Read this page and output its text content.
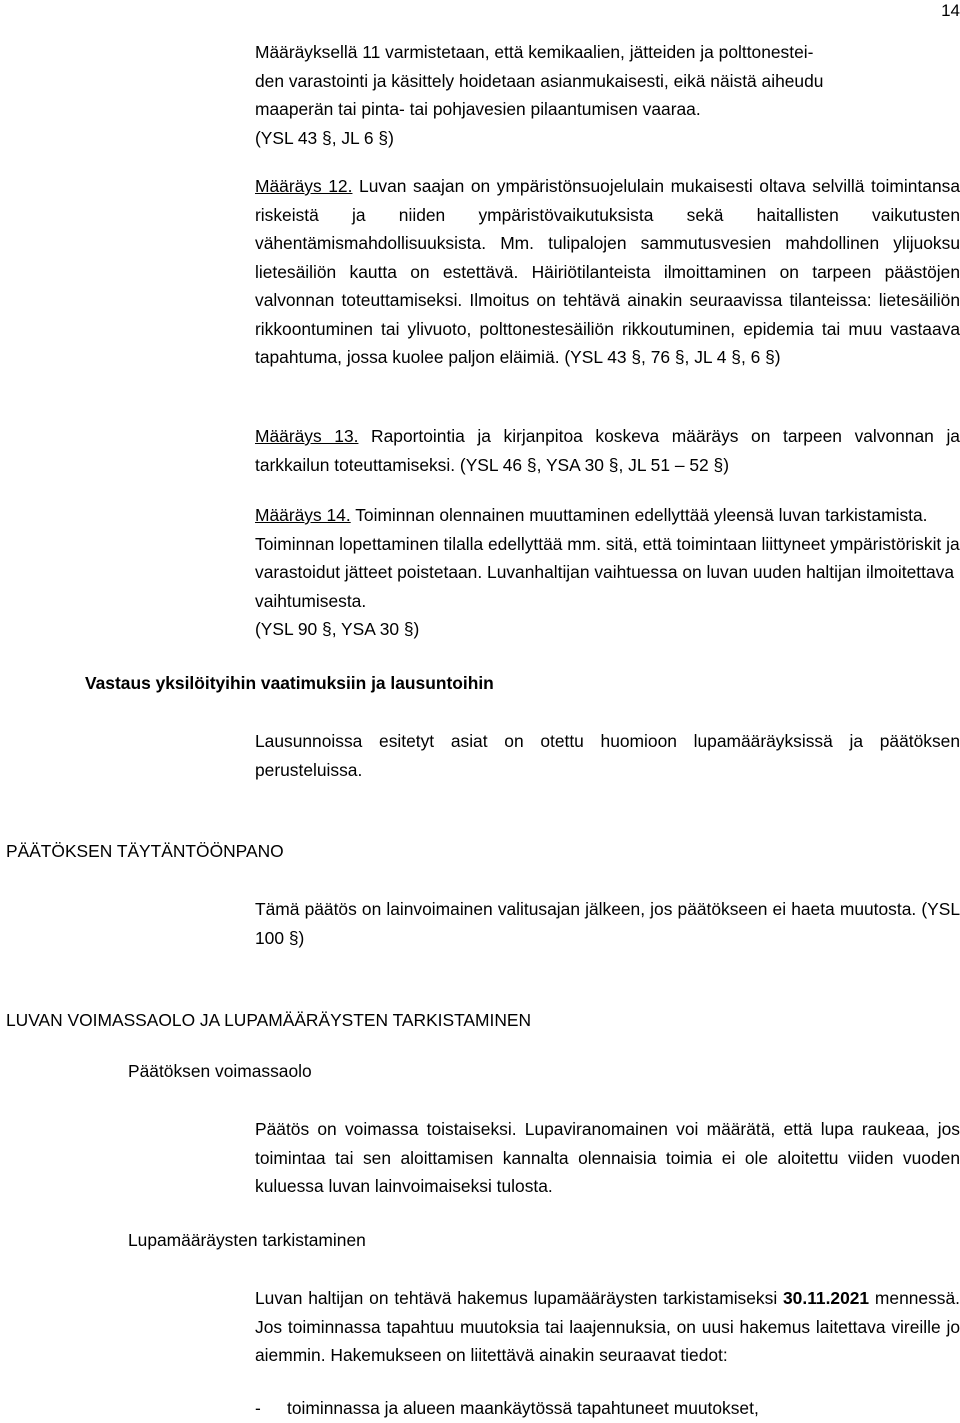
14
Määräyksellä 11 varmistetaan, että kemikaalien, jätteiden ja polttonestei-
den varastointi ja käsittely hoidetaan asianmukaisesti, eikä näistä aiheudu
maaperän tai pinta- tai pohjavesien pilaantumisen vaaraa.
(YSL 43 §, JL 6 §)

Määräys 12. Luvan saajan on ympäristönsuojelulain mukaisesti oltava selvillä toimintansa riskeistä ja niiden ympäristövaikutuksista sekä haitallisten vaikutusten vähentämismahdollisuuksista. Mm. tulipalojen sammutusvesien mahdollinen ylijuoksu lietesäiliön kautta on estettävä. Häiriötilanteista ilmoittaminen on tarpeen päästöjen valvonnan toteuttamiseksi. Ilmoitus on tehtävä ainakin seuraavissa tilanteissa: lietesäiliön rikkoontuminen tai ylivuoto, polttonestesäiliön rikkoutuminen, epidemia tai muu vastaava tapahtuma, jossa kuolee paljon eläimiä. (YSL 43 §, 76 §, JL 4 §, 6 §)

Määräys 13. Raportointia ja kirjanpitoa koskeva määräys on tarpeen valvonnan ja tarkkailun toteuttamiseksi. (YSL 46 §, YSA 30 §, JL 51 – 52 §)

Määräys 14. Toiminnan olennainen muuttaminen edellyttää yleensä luvan tarkistamista. Toiminnan lopettaminen tilalla edellyttää mm. sitä, että toimintaan liittyneet ympäristöriskit ja varastoidut jätteet poistetaan. Luvanhaltijan vaihtuessa on luvan uuden haltijan ilmoitettava vaihtumisesta.

(YSL 90 §, YSA 30 §)
Vastaus yksilöityihin vaatimuksiin ja lausuntoihin

Lausunnoissa esitetyt asiat on otettu huomioon lupamääräyksissä ja päätöksen perusteluissa.

PÄÄTÖKSEN TÄYTÄNTÖÖNPANO

Tämä päätös on lainvoimainen valitusajan jälkeen, jos päätökseen ei haeta muutosta. (YSL 100 §)

LUVAN VOIMASSAOLO JA LUPAMÄÄRÄYSTEN TARKISTAMINEN
Päätöksen voimassaolo

Päätös on voimassa toistaiseksi. Lupaviranomainen voi määrätä, että lupa raukeaa, jos toimintaa tai sen aloittamisen kannalta olennaisia toimia ei ole aloitettu viiden vuoden kuluessa luvan lainvoimaiseksi tulosta.

Lupamääräysten tarkistaminen

Luvan haltijan on tehtävä hakemus lupamääräysten tarkistamiseksi 30.11.2021 mennessä. Jos toiminnassa tapahtuu muutoksia tai laajennuksia, on uusi hakemus laitettava vireille jo aiemmin. Hakemukseen on liitettävä ainakin seuraavat tiedot:

- toiminnassa ja alueen maankäytössä tapahtuneet muutokset,
